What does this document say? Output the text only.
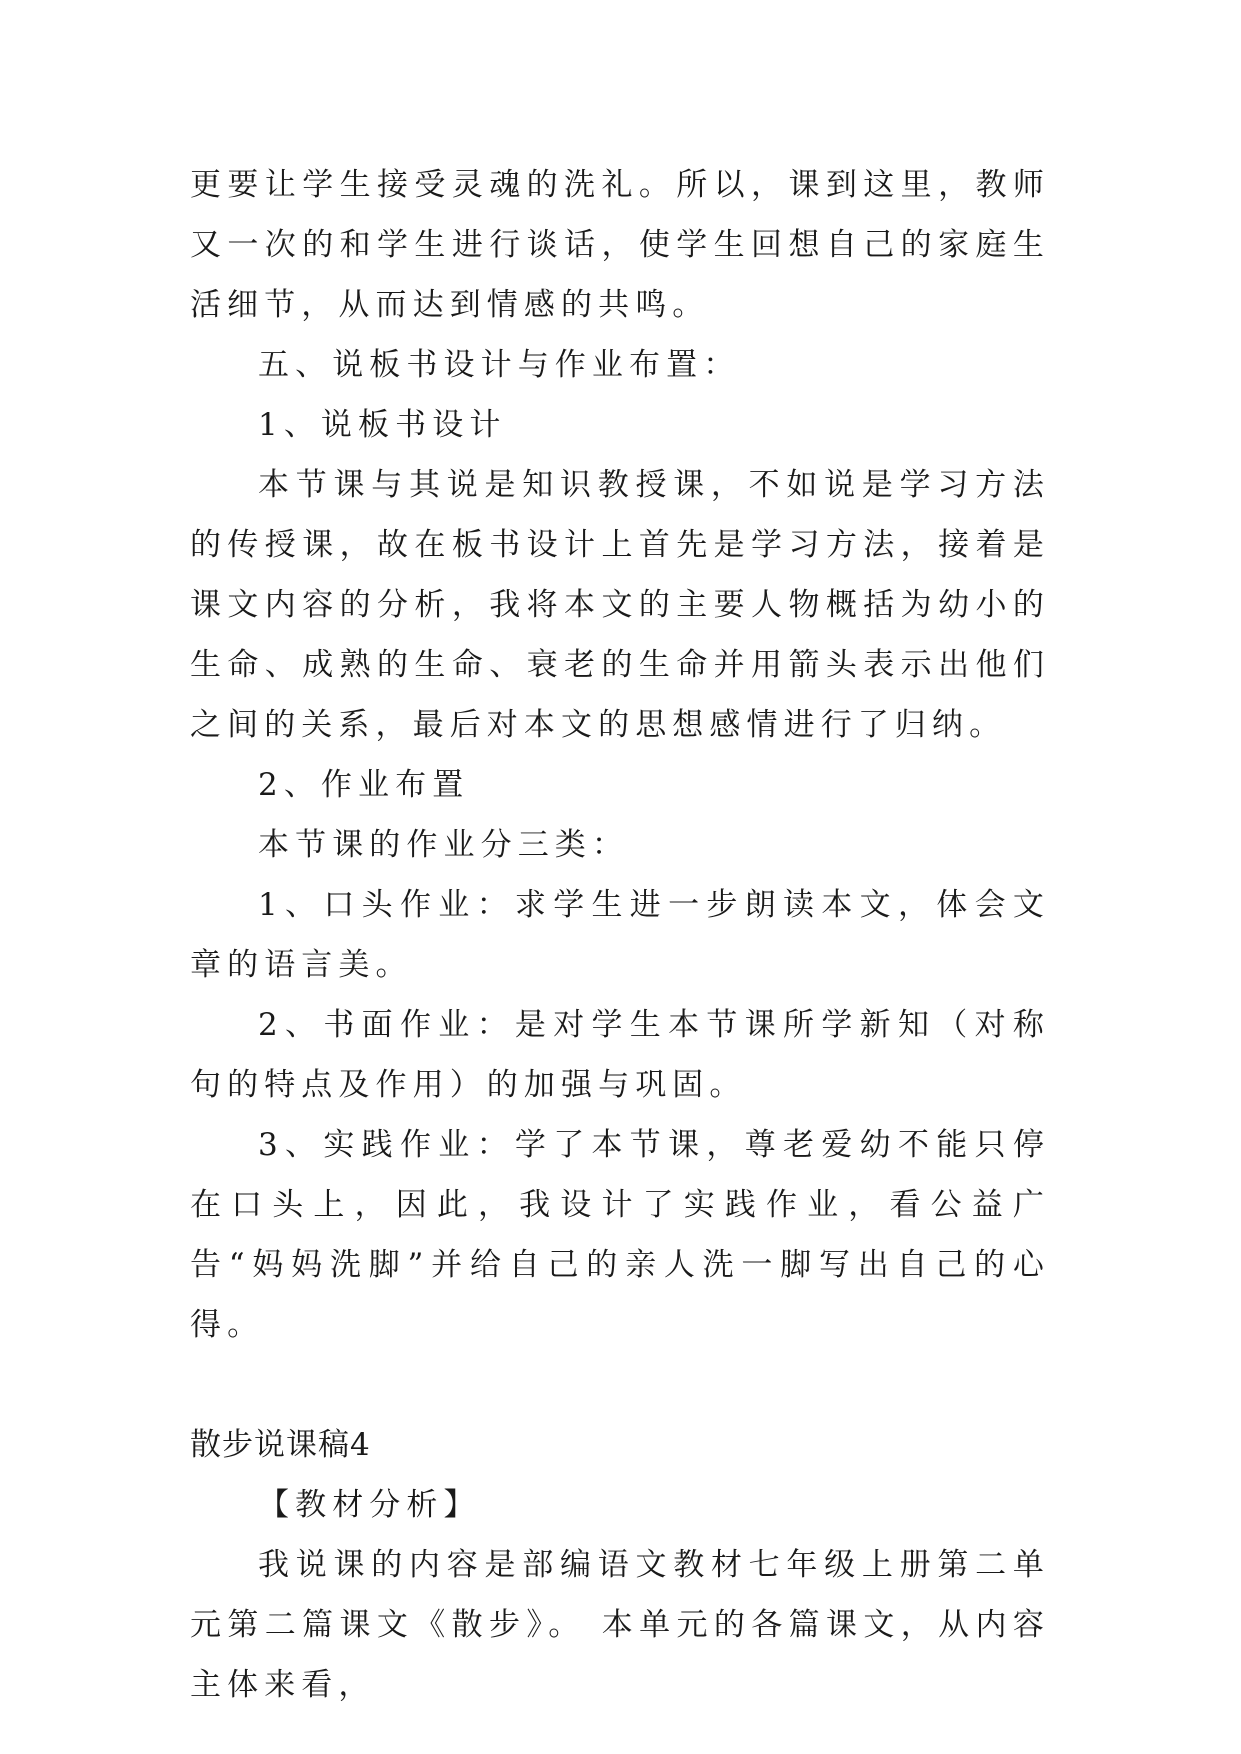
更要让学生接受灵魂的洗礼。所以，课到这里，教师又一次的和学生进行谈话，使学生回想自己的家庭生活细节，从而达到情感的共鸣。

五、说板书设计与作业布置：

1、说板书设计

本节课与其说是知识教授课，不如说是学习方法的传授课，故在板书设计上首先是学习方法，接着是课文内容的分析，我将本文的主要人物概括为幼小的生命、成熟的生命、衰老的生命并用箭头表示出他们之间的关系，最后对本文的思想感情进行了归纳。

2、作业布置

本节课的作业分三类：

1、口头作业：求学生进一步朗读本文，体会文章的语言美。

2、书面作业：是对学生本节课所学新知（对称句的特点及作用）的加强与巩固。

3、实践作业：学了本节课，尊老爱幼不能只停在口头上，因此，我设计了实践作业，看公益广告“妈妈洗脚”并给自己的亲人洗一脚写出自己的心得。

散步说课稿4

【教材分析】

我说课的内容是部编语文教材七年级上册第二单元第二篇课文《散步》。 本单元的各篇课文，从内容主体来看，
